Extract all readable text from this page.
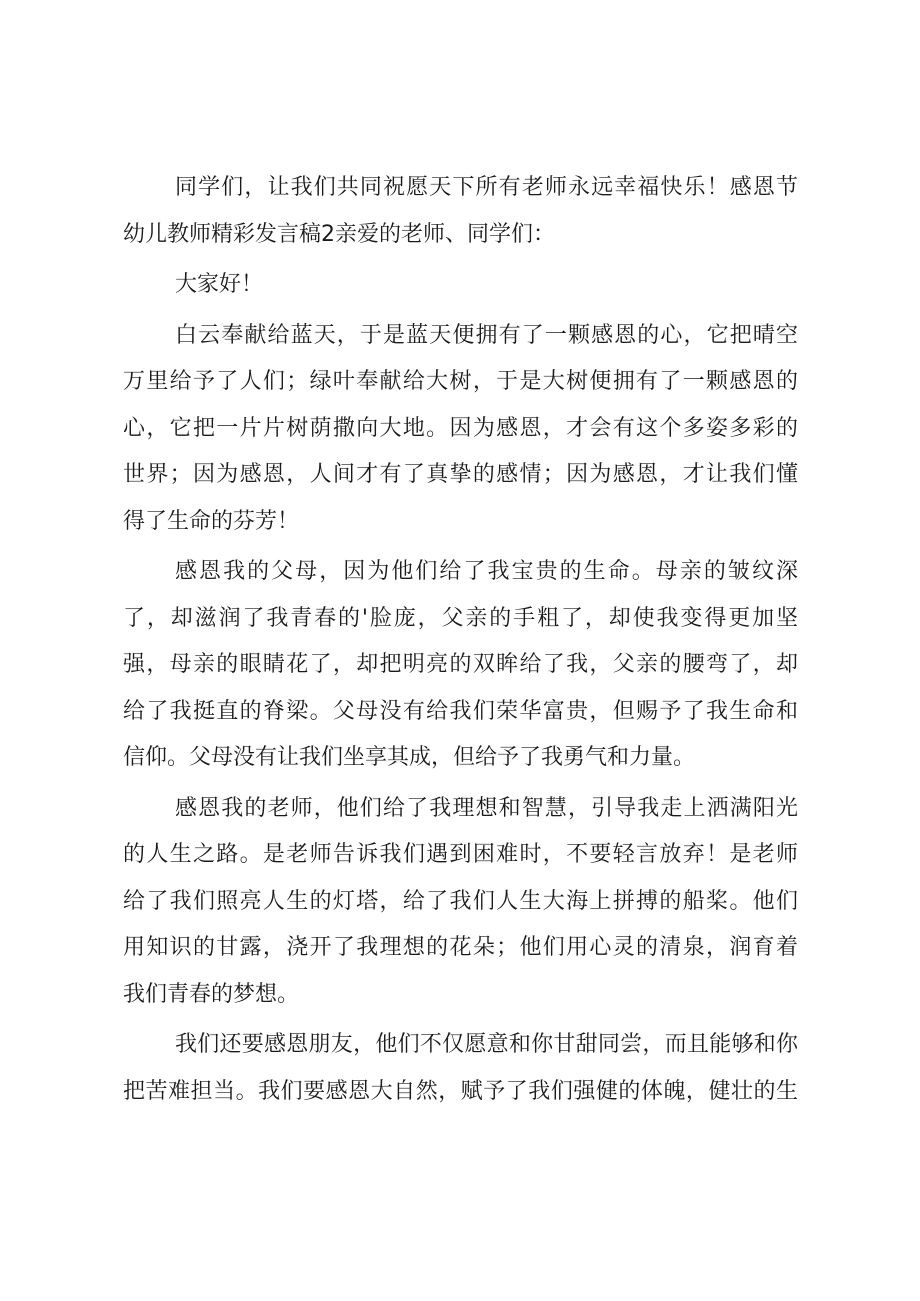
同学们，让我们共同祝愿天下所有老师永远幸福快乐！感恩节
幼儿教师精彩发言稿2亲爱的老师、同学们：
大家好！
白云奉献给蓝天，于是蓝天便拥有了一颗感恩的心，它把晴空
万里给予了人们；绿叶奉献给大树，于是大树便拥有了一颗感恩的
心，它把一片片树荫撒向大地。因为感恩，才会有这个多姿多彩的
世界；因为感恩，人间才有了真挚的感情；因为感恩，才让我们懂
得了生命的芬芳！
感恩我的父母，因为他们给了我宝贵的生命。母亲的皱纹深
了，却滋润了我青春的'脸庞，父亲的手粗了，却使我变得更加坚
强，母亲的眼睛花了，却把明亮的双眸给了我，父亲的腰弯了，却
给了我挺直的脊梁。父母没有给我们荣华富贵，但赐予了我生命和
信仰。父母没有让我们坐享其成，但给予了我勇气和力量。
感恩我的老师，他们给了我理想和智慧，引导我走上洒满阳光
的人生之路。是老师告诉我们遇到困难时，不要轻言放弃！是老师
给了我们照亮人生的灯塔，给了我们人生大海上拼搏的船桨。他们
用知识的甘露，浇开了我理想的花朵；他们用心灵的清泉，润育着
我们青春的梦想。
我们还要感恩朋友，他们不仅愿意和你甘甜同尝，而且能够和你
把苦难担当。我们要感恩大自然，赋予了我们强健的体魄，健壮的生
